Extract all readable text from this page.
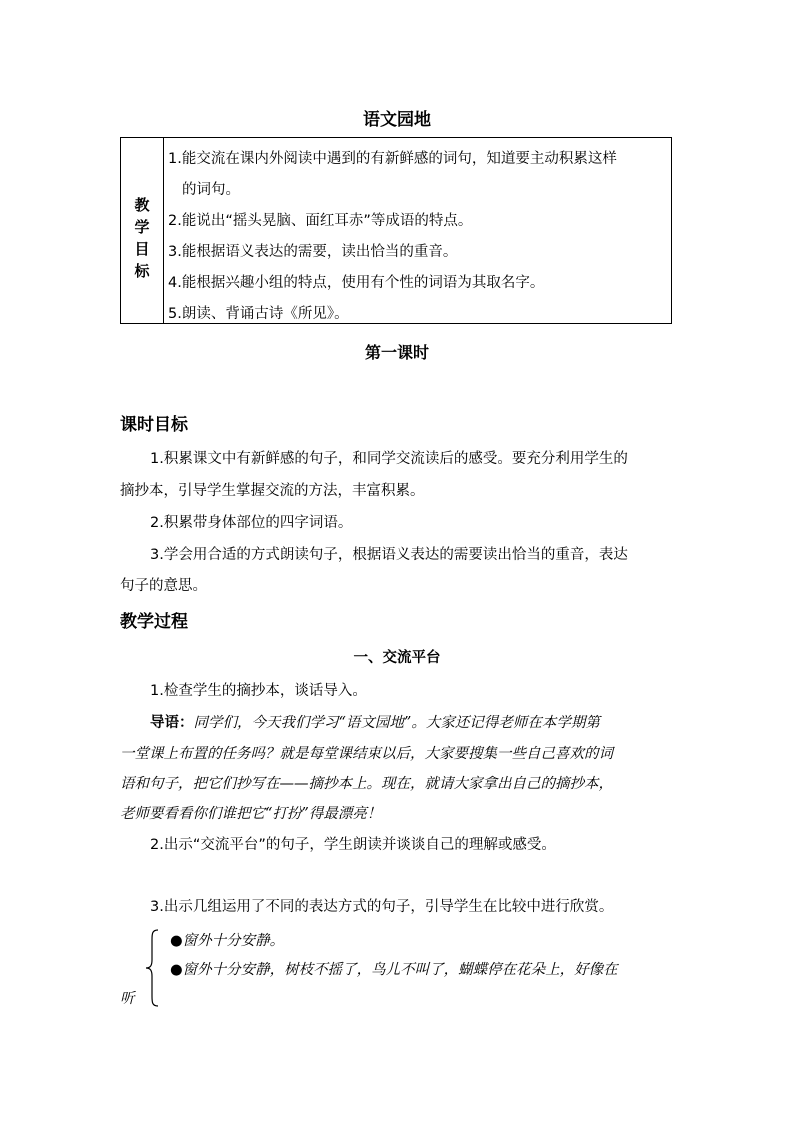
语文园地
教
学
目
标
1.能交流在课内外阅读中遇到的有新鲜感的词句，知道要主动积累这样
的词句。
2.能说出“摇头晃脑、面红耳赤”等成语的特点。
3.能根据语义表达的需要，读出恰当的重音。
4.能根据兴趣小组的特点，使用有个性的词语为其取名字。
5.朗读、背诵古诗《所见》。
第一课时
课时目标
1.积累课文中有新鲜感的句子，和同学交流读后的感受。要充分利用学生的
摘抄本，引导学生掌握交流的方法，丰富积累。
2.积累带身体部位的四字词语。
3.学会用合适的方式朗读句子，根据语义表达的需要读出恰当的重音，表达
句子的意思。
教学过程
一、交流平台
1.检查学生的摘抄本，谈话导入。
导语：同学们，今天我们学习“语文园地”。大家还记得老师在本学期第
一堂课上布置的任务吗？就是每堂课结束以后，大家要搜集一些自己喜欢的词
语和句子，把它们抄写在——摘抄本上。现在，就请大家拿出自己的摘抄本，
老师要看看你们谁把它“打扮”得最漂亮！
2.出示“交流平台”的句子，学生朗读并谈谈自己的理解或感受。
3.出示几组运用了不同的表达方式的句子，引导学生在比较中进行欣赏。
●窗外十分安静。
●窗外十分安静，树枝不摇了，鸟儿不叫了，蝴蝶停在花朵上，好像在
听
